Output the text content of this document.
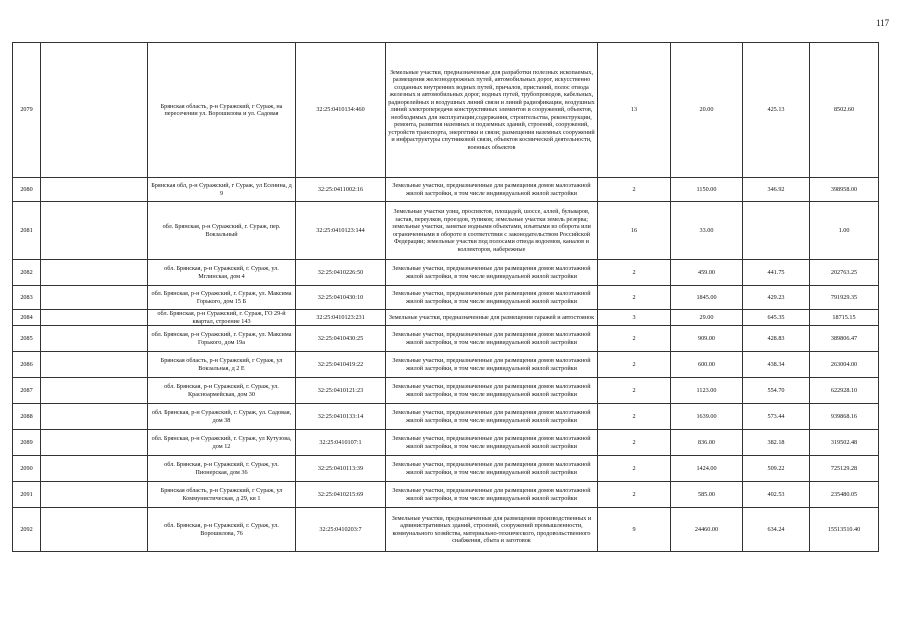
117
2079		Брянская область, р-н Суражский, г Сураж, на пересечении ул. Ворошилова и ул. Садовая	32:25:0410134:460	Земельные участки, предназначенные для разработки полезных ископаемых, размещения железнодорожных путей, автомобильных дорог, искусственно созданных внутренних водных путей, причалов, пристаний, полос отвода железных и автомобильных дорог, водных путей, трубопроводов, кабельных, радиорелейных и воздушных линий связи и линий радиофикации, воздушных линий электропередачи конструктивных элементов и сооружений, объектов, необходимых для эксплуатации,содержания, строительства, реконструкции, ремонта, развития наземных и подземных зданий, строений, сооружений, устройств транспорта, энергетики и связи; размещения наземных сооружений и инфраструктуры спутниковой связи, объектов космической деятельности, военных объектов	13	20.00	425.13	8502.60
2080		Брянская обл, р-н Суражский, г Сураж, ул Есенина, д 9	32:25:0411002:16	Земельные участки, предназначенные для размещения домов малоэтажной жилой застройки, в том числе индивидуальной жилой застройки	2	1150.00	346.92	398958.00
2081		обл. Брянская, р-н Суражский, г. Сураж, пер. Вокзальный	32:25:0410123:144	Земельные участки улиц, проспектов, площадей, шоссе, аллей, бульваров, застав, переулков, проездов, тупиков; земельные участки земель резерва; земельные участки, занятые водными объектами, изъятыми из оборота или ограниченными в обороте в соответствии с законодательством Российской Федерации; земельные участки под полосами отвода водоемов, каналов и коллекторов, набережные	16	33.00		1.00
2082		обл. Брянская, р-н Суражский, г. Сураж, ул. Мглинская, дом 4	32:25:0410226:50	Земельные участки, предназначенные для размещения домов малоэтажной жилой застройки, в том числе индивидуальной жилой застройки	2	459.00	441.75	202763.25
2083		обл. Брянская, р-н Суражский, г. Сураж, ул. Максима Горького, дом 15 Б	32:25:0410430:10	Земельные участки, предназначенные для размещения домов малоэтажной жилой застройки, в том числе индивидуальной жилой застройки	2	1845.00	429.23	791929.35
2084		обл. Брянская, р-н Суражский, г. Сураж, ГО 29-й квартал, строение 143	32:25:0410123:231	Земельные участки, предназначенные для размещения гаражей и автостоянок	3	29.00	645.35	18715.15
2085		обл. Брянская, р-н Суражский, г. Сураж, ул. Максима Горького, дом 19а	32:25:0410430:25	Земельные участки, предназначенные для размещения домов малоэтажной жилой застройки, в том числе индивидуальной жилой застройки	2	909.00	428.83	389806.47
2086		Брянская область, р-н Суражский, г Сураж, ул Вокзальная, д 2 Е	32:25:0410419:22	Земельные участки, предназначенные для размещения домов малоэтажной жилой застройки, в том числе индивидуальной жилой застройки	2	600.00	438.34	263004.00
2087		обл. Брянская, р-н Суражский, г. Сураж, ул. Красноармейская, дом 30	32:25:0410121:23	Земельные участки, предназначенные для размещения домов малоэтажной жилой застройки, в том числе индивидуальной жилой застройки	2	1123.00	554.70	622928.10
2088		обл. Брянская, р-н Суражский, г. Сураж, ул. Садовая, дом 38	32:25:0410133:14	Земельные участки, предназначенные для размещения домов малоэтажной жилой застройки, в том числе индивидуальной жилой застройки	2	1639.00	573.44	939868.16
2089		обл. Брянская, р-н Суражский, г. Сураж, ул Кутузова, дом 12	32:25:0410107:1	Земельные участки, предназначенные для размещения домов малоэтажной жилой застройки, в том числе индивидуальной жилой застройки	2	836.00	382.18	319502.48
2090		обл. Брянская, р-н Суражский, г. Сураж, ул. Пионерская, дом 36	32:25:0410113:39	Земельные участки, предназначенные для размещения домов малоэтажной жилой застройки, в том числе индивидуальной жилой застройки	2	1424.00	509.22	725129.28
2091		Брянская область, р-н Суражский, г Сураж, ул Коммунистическая, д 29, кв 1	32:25:0410215:69	Земельные участки, предназначенные для размещения домов малоэтажной жилой застройки, в том числе индивидуальной жилой застройки	2	585.00	402.53	235480.05
2092		обл. Брянская, р-н Суражский, г. Сураж, ул. Ворошилова, 76	32:25:0410203:7	Земельные участки, предназначенные для размещения производственных и административных зданий, строений, сооружений промышленности, коммунального хозяйства, материально-технического, продовольственного снабжения, сбыта и заготовок	9	24460.00	634.24	15513510.40
